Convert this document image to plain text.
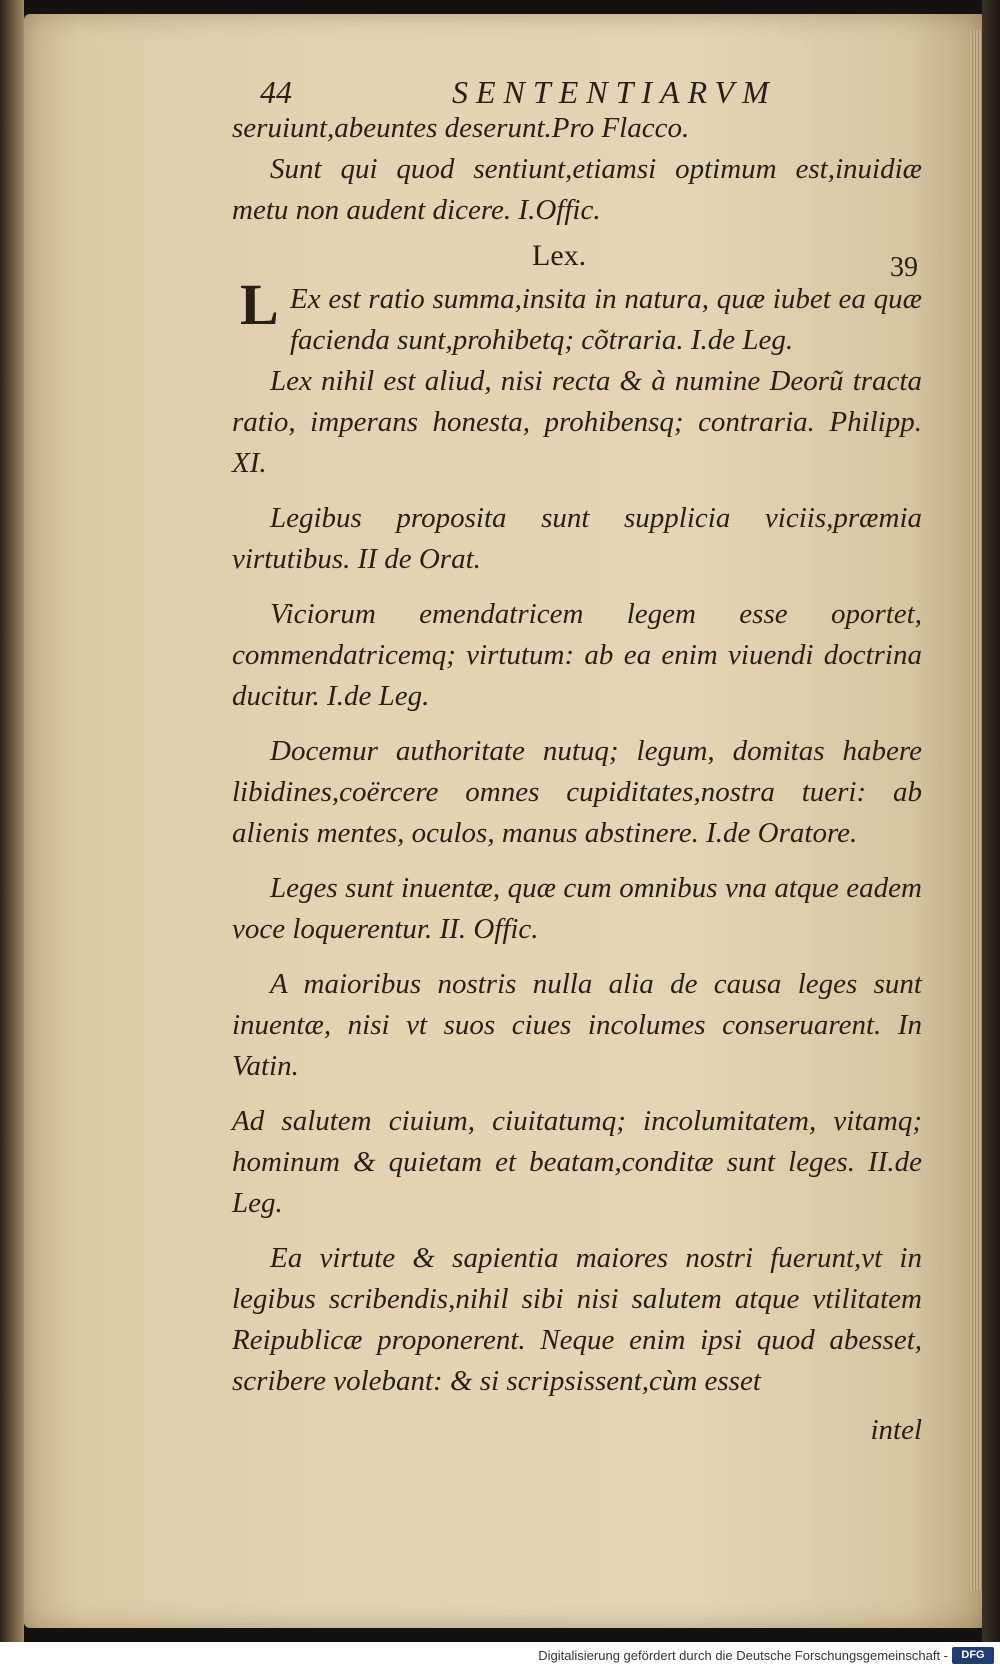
44	SENTENTIARVM

seruiunt,abeuntes deserunt.Pro Flacco.

Sunt qui quod sentiunt,etiamsi optimum est,inuidiæ metu non audent dicere. I.Offic.

Lex.	39
L Ex est ratio summa,insita in natura, quæ iubet ea quæ facienda sunt,prohibetq; cõtraria. I.de Leg.

Lex nihil est aliud, nisi recta & à numine Deorũ tracta ratio, imperans honesta, prohibensq; contraria. Philipp. XI.

Legibus proposita sunt supplicia viciis,præmia virtutibus. II de Orat.

Viciorum emendatricem legem esse oportet, commendatricemq; virtutum: ab ea enim viuendi doctrina ducitur. I.de Leg.

Docemur authoritate nutuq; legum, domitas habere libidines,coërcere omnes cupiditates,nostra tueri: ab alienis mentes, oculos, manus abstinere. I.de Oratore.

Leges sunt inuentæ, quæ cum omnibus vna atque eadem voce loquerentur. II. Offic.

A maioribus nostris nulla alia de causa leges sunt inuentæ, nisi vt suos ciues incolumes conseruarent. In Vatin.

Ad salutem ciuium, ciuitatumq; incolumitatem, vitamq; hominum & quietam et beatam,conditæ sunt leges. II.de Leg.

Ea virtute & sapientia maiores nostri fuerunt,vt in legibus scribendis,nihil sibi nisi salutem atque vtilitatem Reipublicæ proponerent. Neque enim ipsi quod abesset, scribere volebant: & si scripsissent,cùm esset

intel
Digitalisierung gefördert durch die Deutsche Forschungsgemeinschaft -	DFG
